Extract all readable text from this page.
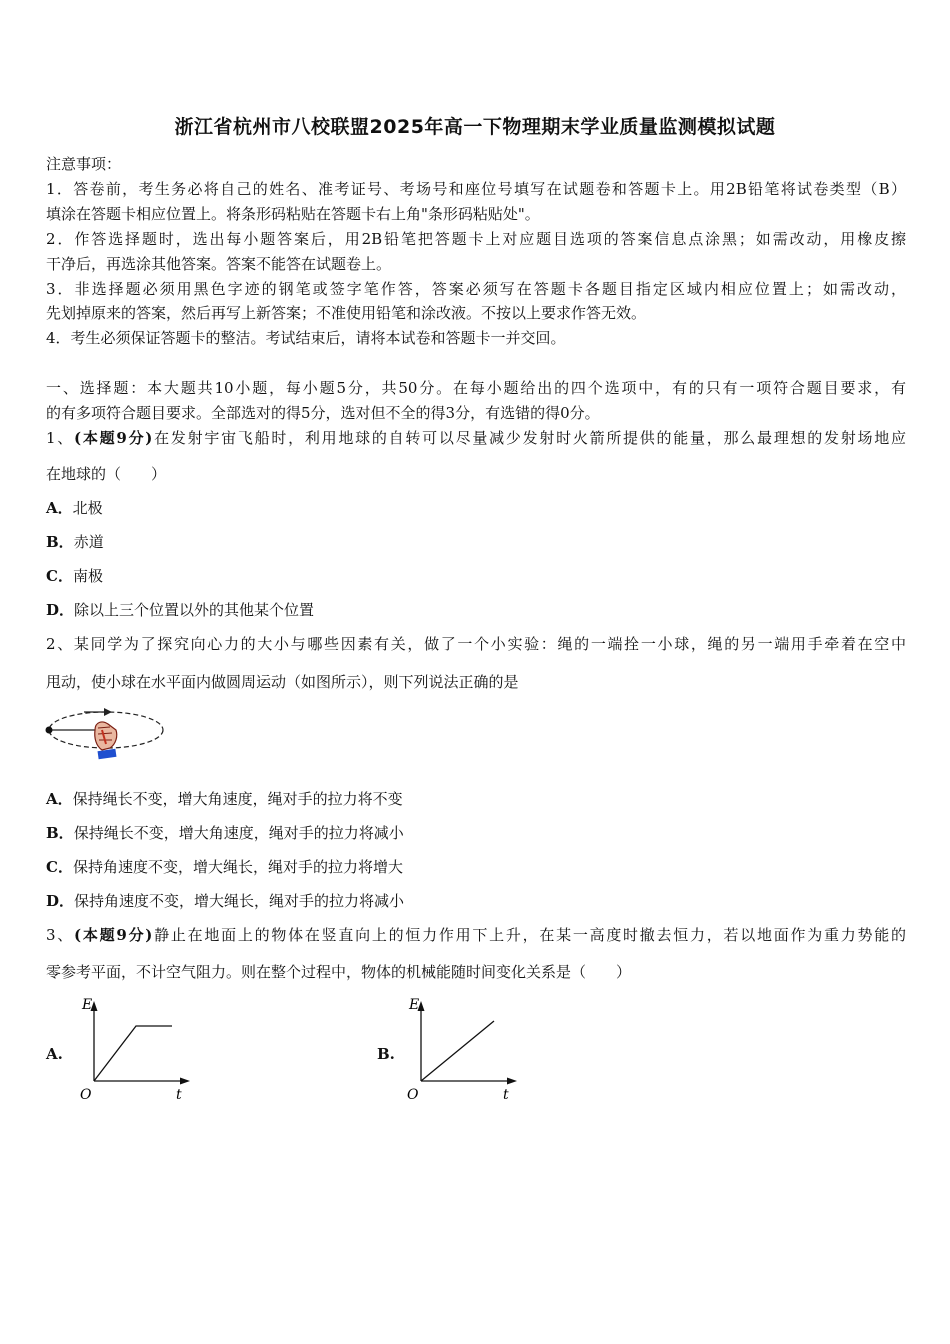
浙江省杭州市八校联盟2025年高一下物理期末学业质量监测模拟试题
注意事项：
1．答卷前，考生务必将自己的姓名、准考证号、考场号和座位号填写在试题卷和答题卡上。用2B铅笔将试卷类型（B）
填涂在答题卡相应位置上。将条形码粘贴在答题卡右上角"条形码粘贴处"。
2．作答选择题时，选出每小题答案后，用2B铅笔把答题卡上对应题目选项的答案信息点涂黑；如需改动，用橡皮擦
干净后，再选涂其他答案。答案不能答在试题卷上。
3．非选择题必须用黑色字迹的钢笔或签字笔作答，答案必须写在答题卡各题目指定区域内相应位置上；如需改动，
先划掉原来的答案，然后再写上新答案；不准使用铅笔和涂改液。不按以上要求作答无效。
4．考生必须保证答题卡的整洁。考试结束后，请将本试卷和答题卡一并交回。
一、选择题：本大题共10小题，每小题5分，共50分。在每小题给出的四个选项中，有的只有一项符合题目要求，有
的有多项符合题目要求。全部选对的得5分，选对但不全的得3分，有选错的得0分。
1、(本题9分)在发射宇宙飞船时，利用地球的自转可以尽量减少发射时火箭所提供的能量，那么最理想的发射场地应
在地球的（　　）
A．北极
B．赤道
C．南极
D．除以上三个位置以外的其他某个位置
2、某同学为了探究向心力的大小与哪些因素有关，做了一个小实验：绳的一端拴一小球，绳的另一端用手牵着在空中
甩动，使小球在水平面内做圆周运动（如图所示），则下列说法正确的是
A．保持绳长不变，增大角速度，绳对手的拉力将不变
B．保持绳长不变，增大角速度，绳对手的拉力将减小
C．保持角速度不变，增大绳长，绳对手的拉力将增大
D．保持角速度不变，增大绳长，绳对手的拉力将减小
3、(本题9分)静止在地面上的物体在竖直向上的恒力作用下上升，在某一高度时撤去恒力，若以地面作为重力势能的
零参考平面，不计空气阻力。则在整个过程中，物体的机械能随时间变化关系是（　　）
A.
E
O	t
B.
E
O	t
